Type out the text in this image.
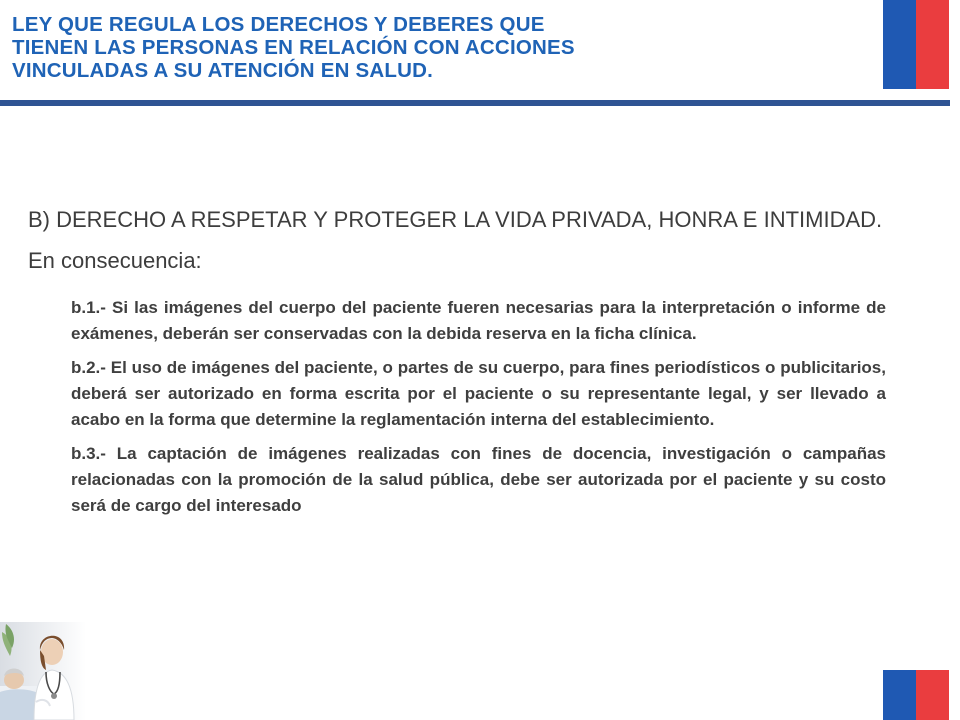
LEY QUE REGULA LOS DERECHOS Y DEBERES QUE
TIENEN LAS PERSONAS EN RELACIÓN CON ACCIONES
VINCULADAS A SU ATENCIÓN EN SALUD.

B) DERECHO A RESPETAR Y PROTEGER LA VIDA PRIVADA, HONRA E INTIMIDAD.

En consecuencia:

b.1.- Si las imágenes del cuerpo del paciente fueren necesarias para la interpretación o informe de exámenes, deberán ser conservadas con la debida reserva en la ficha clínica.
b.2.- El uso de imágenes del paciente, o partes de su cuerpo, para fines periodísticos o publicitarios, deberá ser autorizado en forma escrita por el paciente o su representante legal, y ser llevado a acabo en la forma que determine la reglamentación interna del establecimiento.
b.3.- La captación de imágenes realizadas con fines de docencia, investigación o campañas relacionadas con la promoción de la salud pública, debe ser autorizada por el paciente y su costo será de cargo del interesado
